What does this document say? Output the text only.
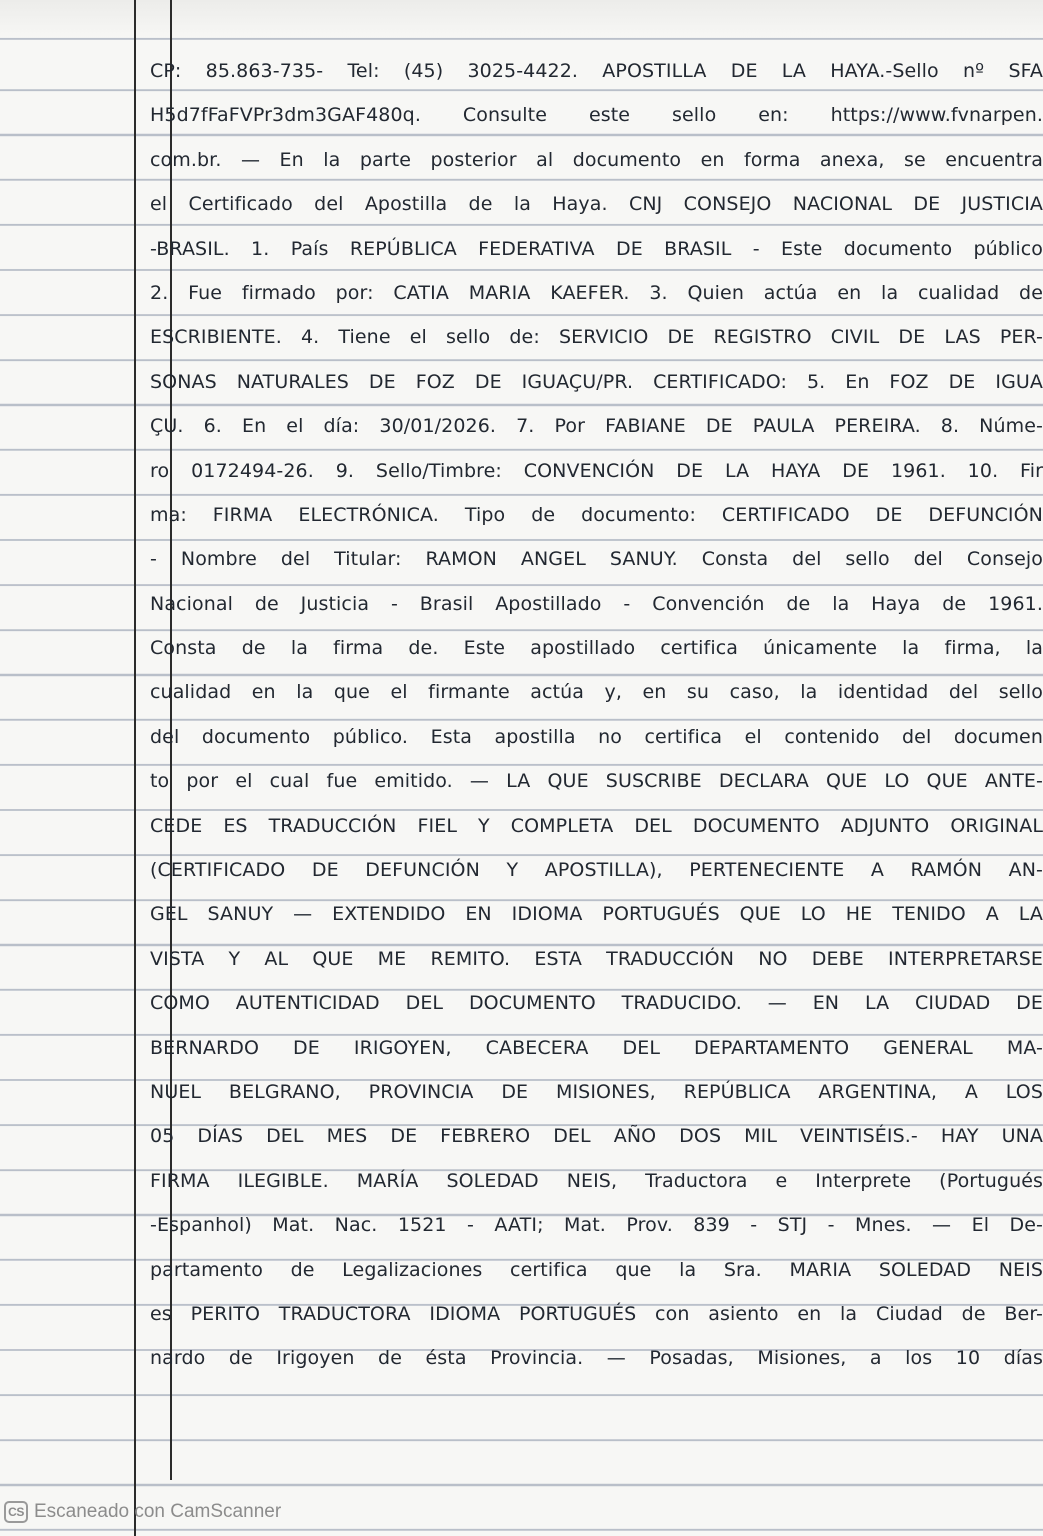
CP: 85.863-735- Tel: (45) 3025-4422. APOSTILLA DE LA HAYA.-Sello nº SFA
H5d7fFaFVPr3dm3GAF480q. Consulte este sello en: https://www.fvnarpen.
com.br. — En la parte posterior al documento en forma anexa, se encuentra
el Certificado del Apostilla de la Haya. CNJ CONSEJO NACIONAL DE JUSTICIA
-BRASIL. 1. País REPÚBLICA FEDERATIVA DE BRASIL - Este documento público
2. Fue firmado por: CATIA MARIA KAEFER. 3. Quien actúa en la cualidad de
ESCRIBIENTE. 4. Tiene el sello de: SERVICIO DE REGISTRO CIVIL DE LAS PER-
SONAS NATURALES DE FOZ DE IGUAÇU/PR. CERTIFICADO: 5. En FOZ DE IGUA
ÇU. 6. En el día: 30/01/2026. 7. Por FABIANE DE PAULA PEREIRA. 8. Núme-
ro 0172494-26. 9. Sello/Timbre: CONVENCIÓN DE LA HAYA DE 1961. 10. Fir
ma: FIRMA ELECTRÓNICA. Tipo de documento: CERTIFICADO DE DEFUNCIÓN
- Nombre del Titular: RAMON ANGEL SANUY. Consta del sello del Consejo
Nacional de Justicia - Brasil Apostillado - Convención de la Haya de 1961.
Consta de la firma de. Este apostillado certifica únicamente la firma, la
cualidad en la que el firmante actúa y, en su caso, la identidad del sello
del documento público. Esta apostilla no certifica el contenido del documen
to por el cual fue emitido. — LA QUE SUSCRIBE DECLARA QUE LO QUE ANTE-
CEDE ES TRADUCCIÓN FIEL Y COMPLETA DEL DOCUMENTO ADJUNTO ORIGINAL
(CERTIFICADO DE DEFUNCIÓN Y APOSTILLA), PERTENECIENTE A RAMÓN AN-
GEL SANUY — EXTENDIDO EN IDIOMA PORTUGUÉS QUE LO HE TENIDO A LA
VISTA Y AL QUE ME REMITO. ESTA TRADUCCIÓN NO DEBE INTERPRETARSE
COMO AUTENTICIDAD DEL DOCUMENTO TRADUCIDO. — EN LA CIUDAD DE
BERNARDO DE IRIGOYEN, CABECERA DEL DEPARTAMENTO GENERAL MA-
NUEL BELGRANO, PROVINCIA DE MISIONES, REPÚBLICA ARGENTINA, A LOS
05 DÍAS DEL MES DE FEBRERO DEL AÑO DOS MIL VEINTISÉIS.- HAY UNA
FIRMA ILEGIBLE. MARÍA SOLEDAD NEIS, Traductora e Interprete (Portugués
-Espanhol) Mat. Nac. 1521 - AATI; Mat. Prov. 839 - STJ - Mnes. — El De-
partamento de Legalizaciones certifica que la Sra. MARIA SOLEDAD NEIS
es PERITO TRADUCTORA IDIOMA PORTUGUÉS con asiento en la Ciudad de Ber-
nardo de Irigoyen de ésta Provincia. — Posadas, Misiones, a los 10 días
CS Escaneado con CamScanner
